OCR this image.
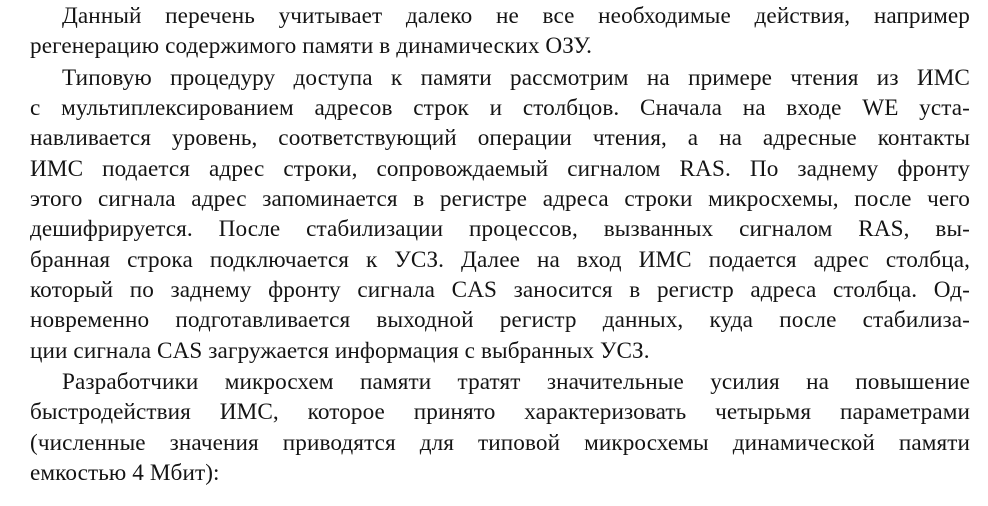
Данный перечень учитывает далеко не все необходимые действия, например
регенерацию содержимого памяти в динамических ОЗУ.
Типовую процедуру доступа к памяти рассмотрим на примере чтения из ИМС
с мультиплексированием адресов строк и столбцов. Сначала на входе WE уста-
навливается уровень, соответствующий операции чтения, а на адресные контакты
ИМС подается адрес строки, сопровождаемый сигналом RAS. По заднему фронту
этого сигнала адрес запоминается в регистре адреса строки микросхемы, после чего
дешифрируется. После стабилизации процессов, вызванных сигналом RAS, вы-
бранная строка подключается к УСЗ. Далее на вход ИМС подается адрес столбца,
который по заднему фронту сигнала CAS заносится в регистр адреса столбца. Од-
новременно подготавливается выходной регистр данных, куда после стабилиза-
ции сигнала CAS загружается информация с выбранных УСЗ.
Разработчики микросхем памяти тратят значительные усилия на повышение
быстродействия ИМС, которое принято характеризовать четырьмя параметрами
(численные значения приводятся для типовой микросхемы динамической памяти
емкостью 4 Мбит):
